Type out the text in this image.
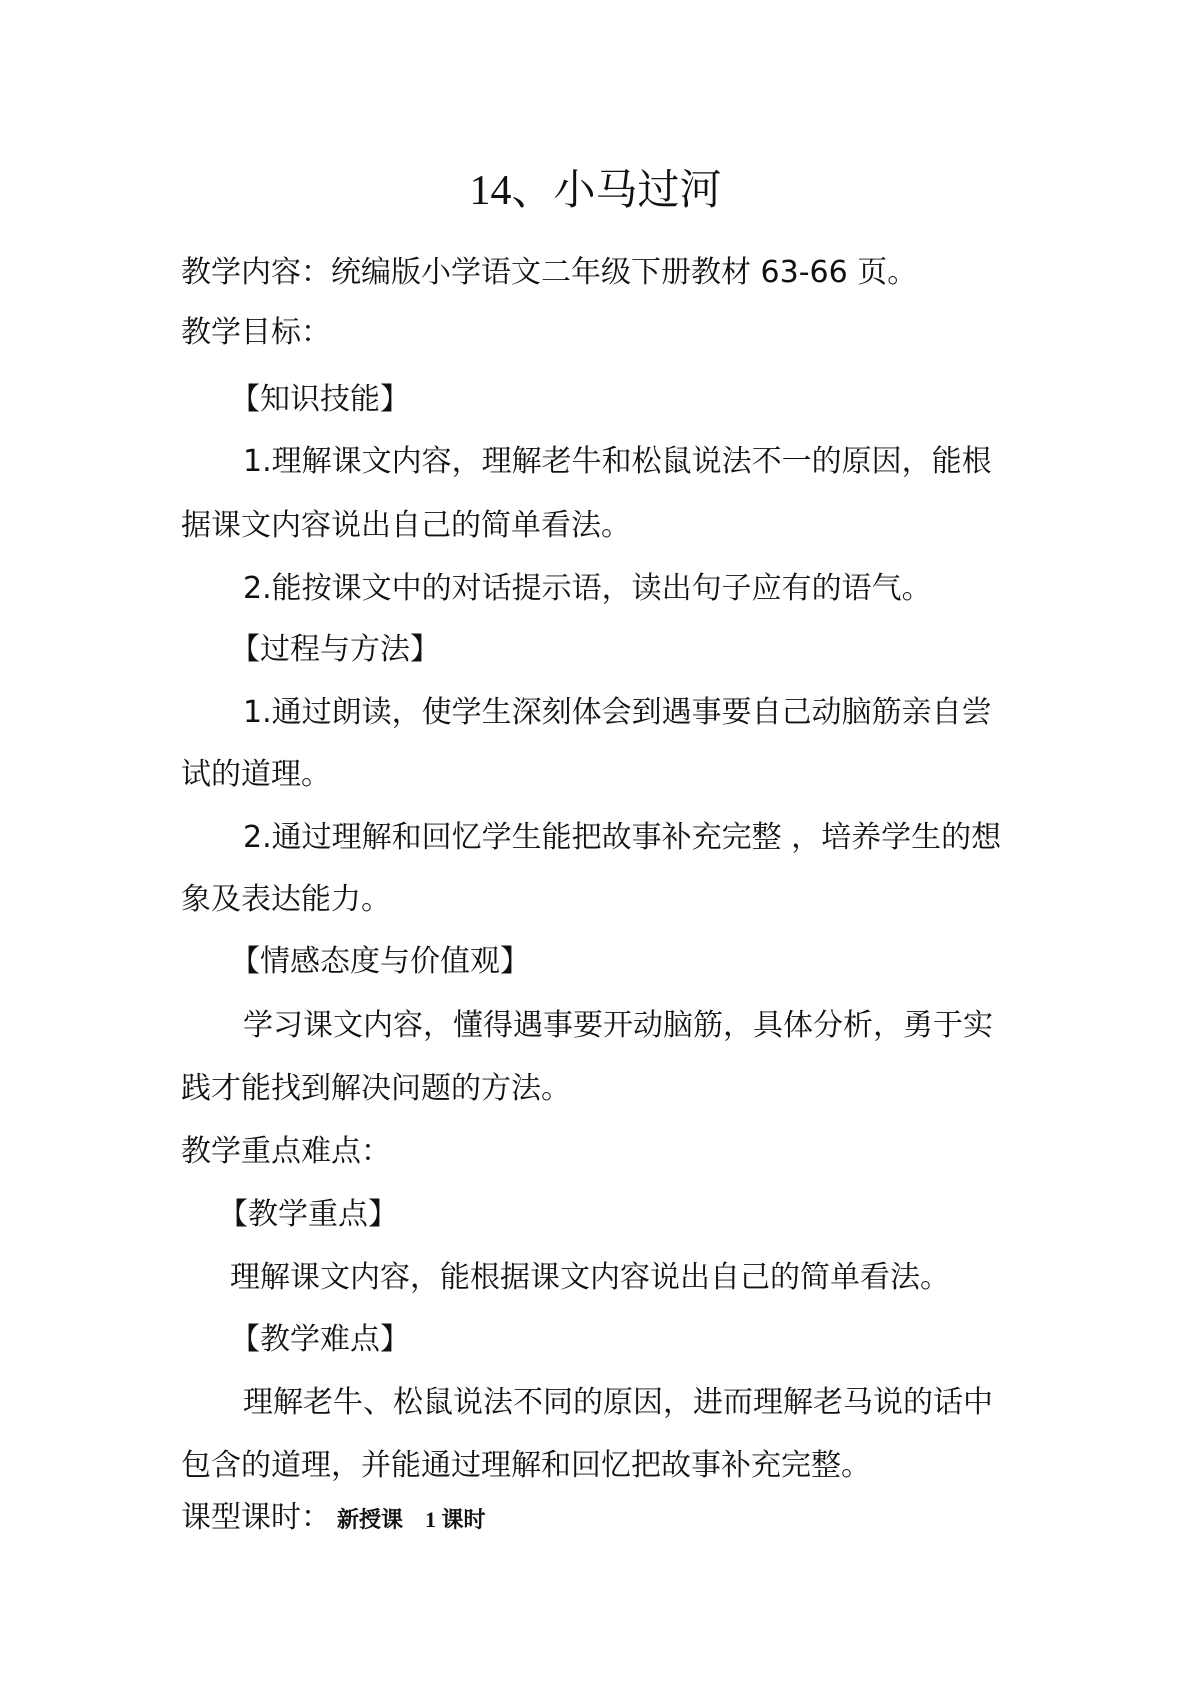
14、小马过河
教学内容：统编版小学语文二年级下册教材 63-66 页。
教学目标：
【知识技能】
1.理解课文内容，理解老牛和松鼠说法不一的原因，能根
据课文内容说出自己的简单看法。
2.能按课文中的对话提示语，读出句子应有的语气。
【过程与方法】
1.通过朗读，使学生深刻体会到遇事要自己动脑筋亲自尝
试的道理。
2.通过理解和回忆学生能把故事补充完整 ，培养学生的想
象及表达能力。
【情感态度与价值观】
学习课文内容，懂得遇事要开动脑筋，具体分析，勇于实
践才能找到解决问题的方法。
教学重点难点：
【教学重点】
理解课文内容，能根据课文内容说出自己的简单看法。
【教学难点】
理解老牛、松鼠说法不同的原因，进而理解老马说的话中
包含的道理，并能通过理解和回忆把故事补充完整。
课型课时： 新授课　1 课时
